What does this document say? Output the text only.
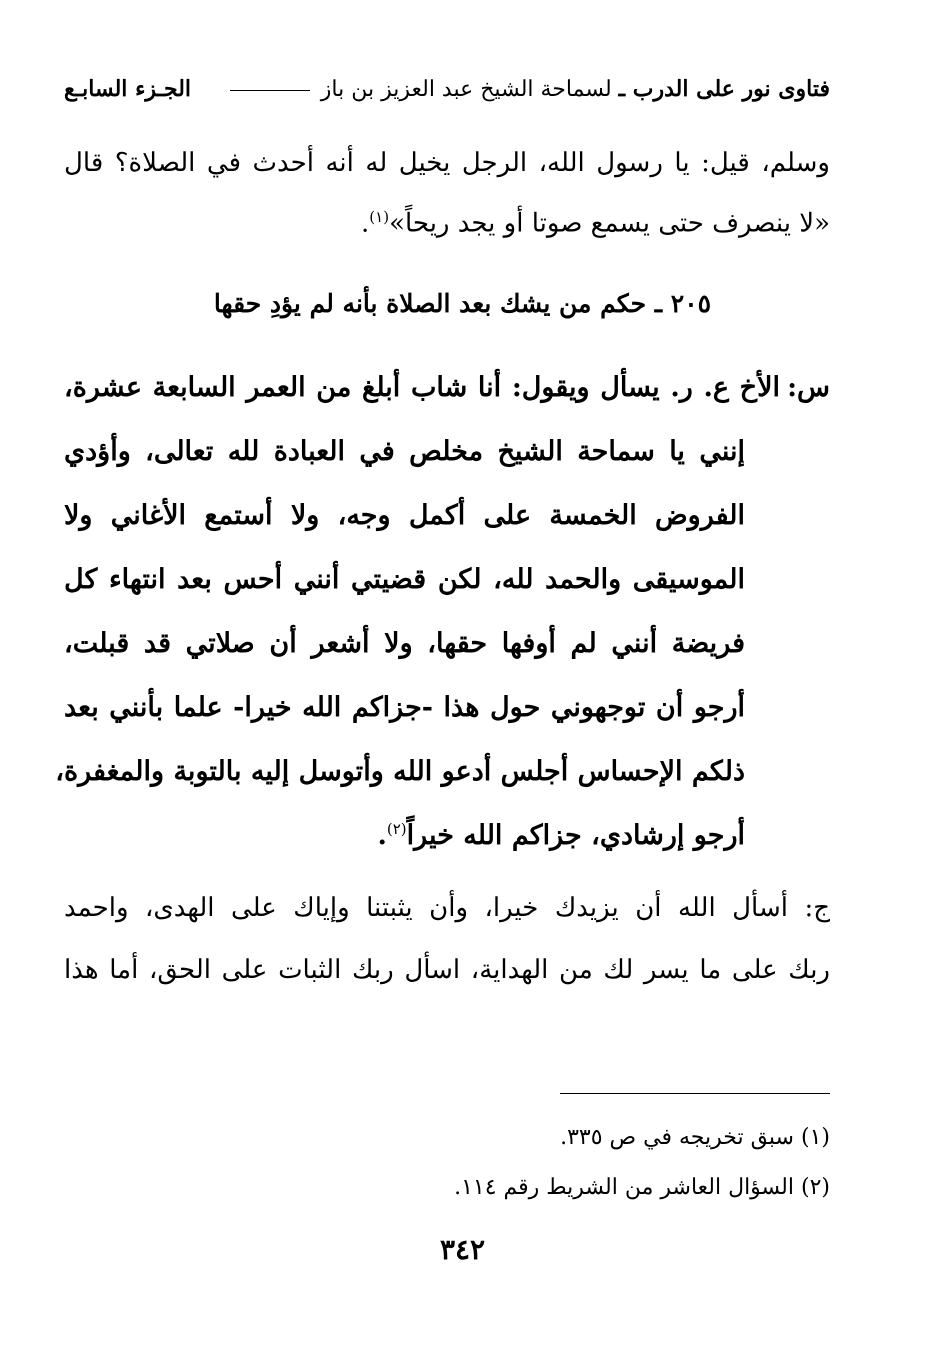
فتاوى نور على الدرب ـ لسماحة الشيخ عبد العزيز بن باز
الجـزء السابـع
وسلم، قيل: يا رسول الله، الرجل يخيل له أنه أحدث في الصلاة؟ قال
«لا ينصرف حتى يسمع صوتا أو يجد ريحاً»$^{(١)}$.
٢٠٥ ـ حكم من يشك بعد الصلاة بأنه لم يؤدِ حقها
س:
الأخ ع. ر. يسأل ويقول: أنا شاب أبلغ من العمر السابعة عشرة،
إنني يا سماحة الشيخ مخلص في العبادة لله تعالى، وأؤدي
الفروض الخمسة على أكمل وجه، ولا أستمع الأغاني ولا
الموسيقى والحمد لله، لكن قضيتي أنني أحس بعد انتهاء كل
فريضة أنني لم أوفها حقها، ولا أشعر أن صلاتي قد قبلت،
أرجو أن توجهوني حول هذا -جزاكم الله خيرا- علما بأنني بعد
ذلكم الإحساس أجلس أدعو الله وأتوسل إليه بالتوبة والمغفرة،
أرجو إرشادي، جزاكم الله خيراً$^{(٢)}$.
ج: أسأل الله أن يزيدك خيرا، وأن يثبتنا وإياك على الهدى، واحمد
ربك على ما يسر لك من الهداية، اسأل ربك الثبات على الحق، أما هذا
(١) سبق تخريجه في ص ٣٣٥.
(٢) السؤال العاشر من الشريط رقم ١١٤.
٣٤٢
